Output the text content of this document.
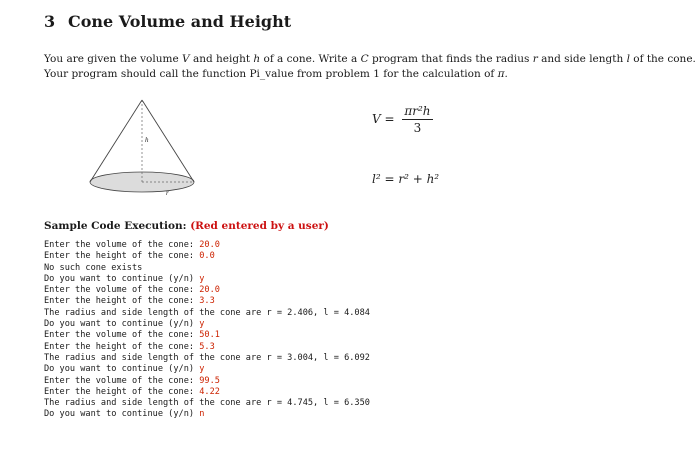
3 Cone Volume and Height

You are given the volume V and height h of a cone. Write a C program that finds the radius r and side length l of the cone.

Your program should call the function Pi_value from problem 1 for the calculation of π.

h
r
$V = \frac{\text{πr²h}}{3}$
l² = r² + h²
Sample Code Execution: (Red entered by a user)
Enter the volume of the cone: 20.0
Enter the height of the cone: 0.0
No such cone exists
Do you want to continue (y/n) y
Enter the volume of the cone: 20.0
Enter the height of the cone: 3.3
The radius and side length of the cone are r = 2.406, l = 4.084
Do you want to continue (y/n) y
Enter the volume of the cone: 50.1
Enter the height of the cone: 5.3
The radius and side length of the cone are r = 3.004, l = 6.092
Do you want to continue (y/n) y
Enter the volume of the cone: 99.5
Enter the height of the cone: 4.22
The radius and side length of the cone are r = 4.745, l = 6.350
Do you want to continue (y/n) n
